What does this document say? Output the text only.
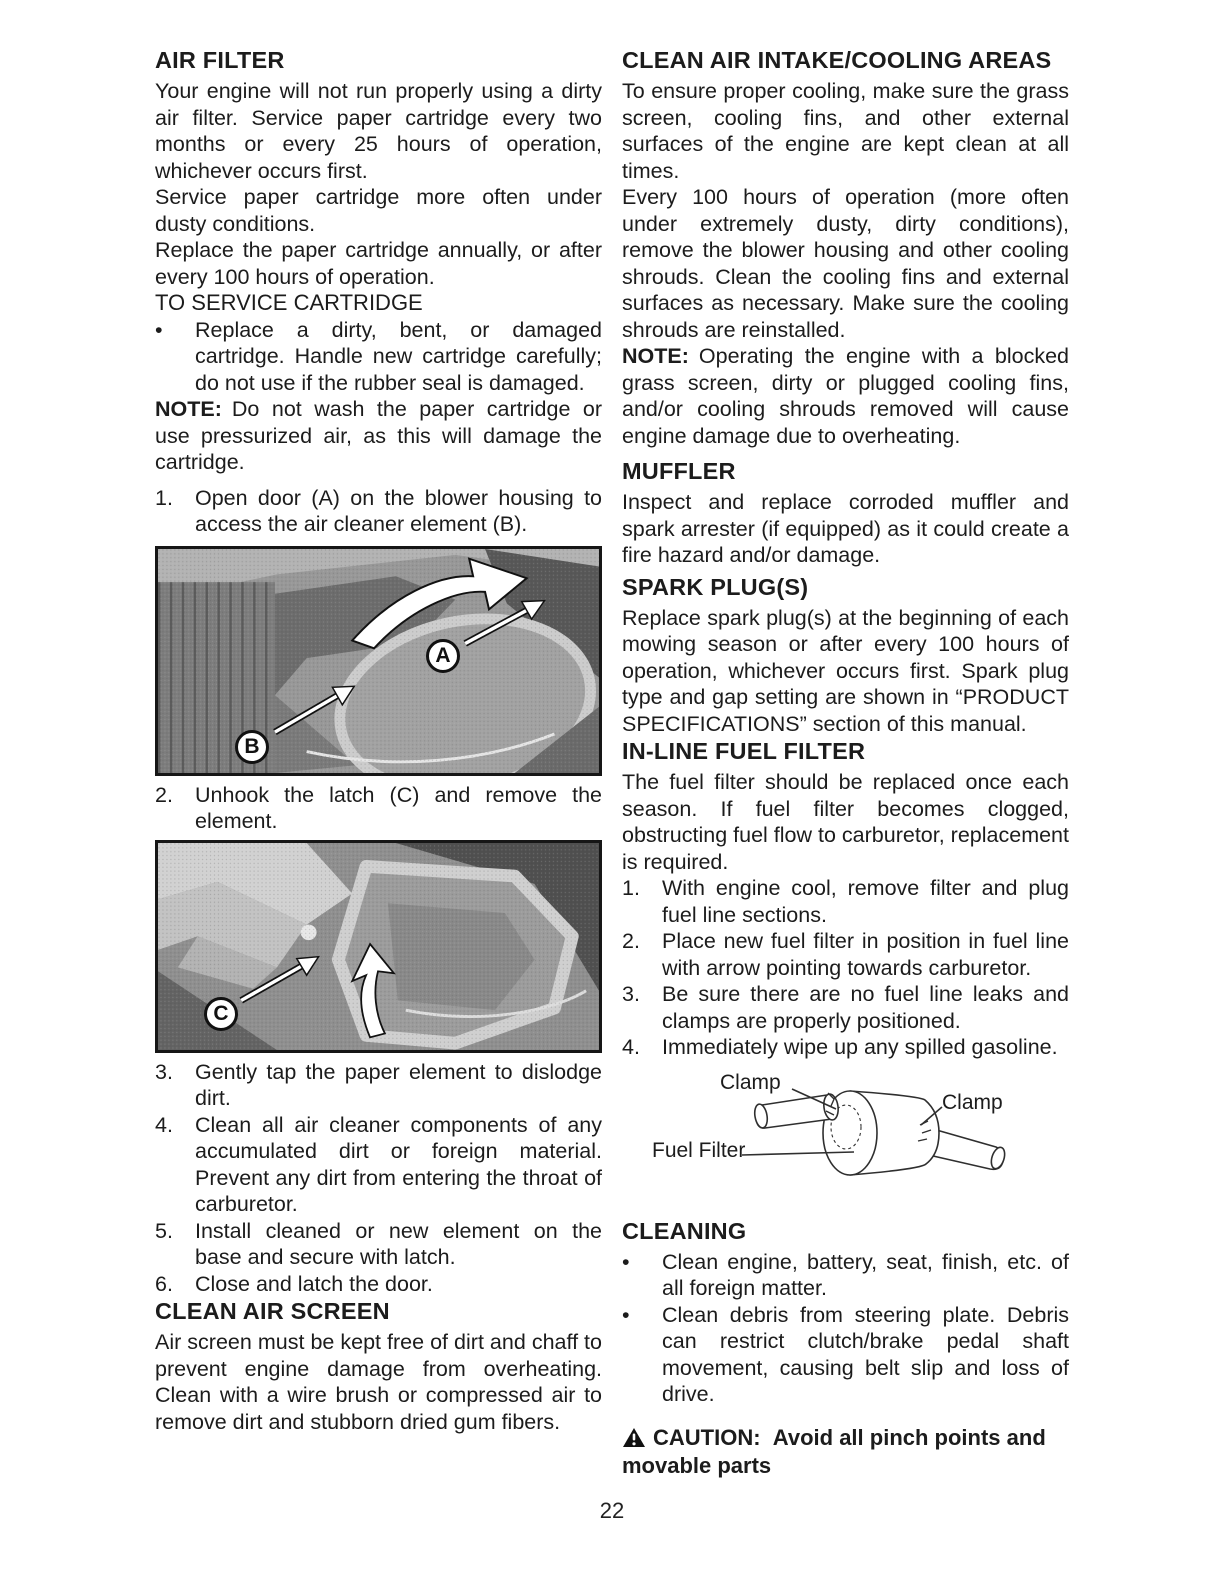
AIR FILTER

Your engine will not run properly using a dirty air filter. Service paper cartridge every two months or every 25 hours of operation, whichever occurs first.

Service paper cartridge more often under dusty conditions.

Replace the paper cartridge annually, or after every 100 hours of operation.

TO SERVICE CARTRIDGE

•	Replace a dirty, bent, or damaged cartridge. Handle new cartridge carefully; do not use if the rubber seal is damaged.

NOTE: Do not wash the paper cartridge or use pressurized air, as this will damage the cartridge.

1.	Open door (A) on the blower housing to access the air cleaner element (B).
A
B
2.	Unhook the latch (C) and remove the element.
C
3.	Gently tap the paper element to dislodge dirt.
4.	Clean all air cleaner components of any accumulated dirt or foreign material. Prevent any dirt from entering the throat of carburetor.
5.	Install cleaned or new element on the base and secure with latch.
6.	Close and latch the door.
CLEAN AIR SCREEN

Air screen must be kept free of dirt and chaff to prevent engine damage from overheating. Clean with a wire brush or compressed air to remove dirt and stubborn dried gum fibers.

CLEAN AIR INTAKE/COOLING AREAS

To ensure proper cooling, make sure the grass screen, cooling fins, and other external surfaces of the engine are kept clean at all times.

Every 100 hours of operation (more often under extremely dusty, dirty conditions), remove the blower housing and other cooling shrouds. Clean the cooling fins and external surfaces as necessary. Make sure the cooling shrouds are reinstalled.

NOTE: Operating the engine with a blocked grass screen, dirty or plugged cooling fins, and/or cooling shrouds removed will cause engine damage due to overheating.

MUFFLER

Inspect and replace corroded muffler and spark arrester (if equipped) as it could create a fire hazard and/or damage.

SPARK PLUG(S)

Replace spark plug(s) at the beginning of each mowing season or after every 100 hours of operation, whichever occurs first. Spark plug type and gap setting are shown in “PRODUCT SPECIFICATIONS” section of this manual.

IN-LINE FUEL FILTER

The fuel filter should be replaced once each season. If fuel filter becomes clogged, obstructing fuel flow to carburetor, replacement is required.

1.	With engine cool, remove filter and plug fuel line sections.
2.	Place new fuel filter in position in fuel line with arrow pointing towards carburetor.
3.	Be sure there are no fuel line leaks and clamps are properly positioned.
4.	Immediately wipe up any spilled gasoline.
Clamp
Clamp
Fuel Filter
CLEANING
•	Clean engine, battery, seat, finish, etc. of all foreign matter.
•	Clean debris from steering plate. Debris can restrict clutch/brake pedal shaft movement, causing belt slip and loss of drive.

CAUTION: Avoid all pinch points and movable parts

22
